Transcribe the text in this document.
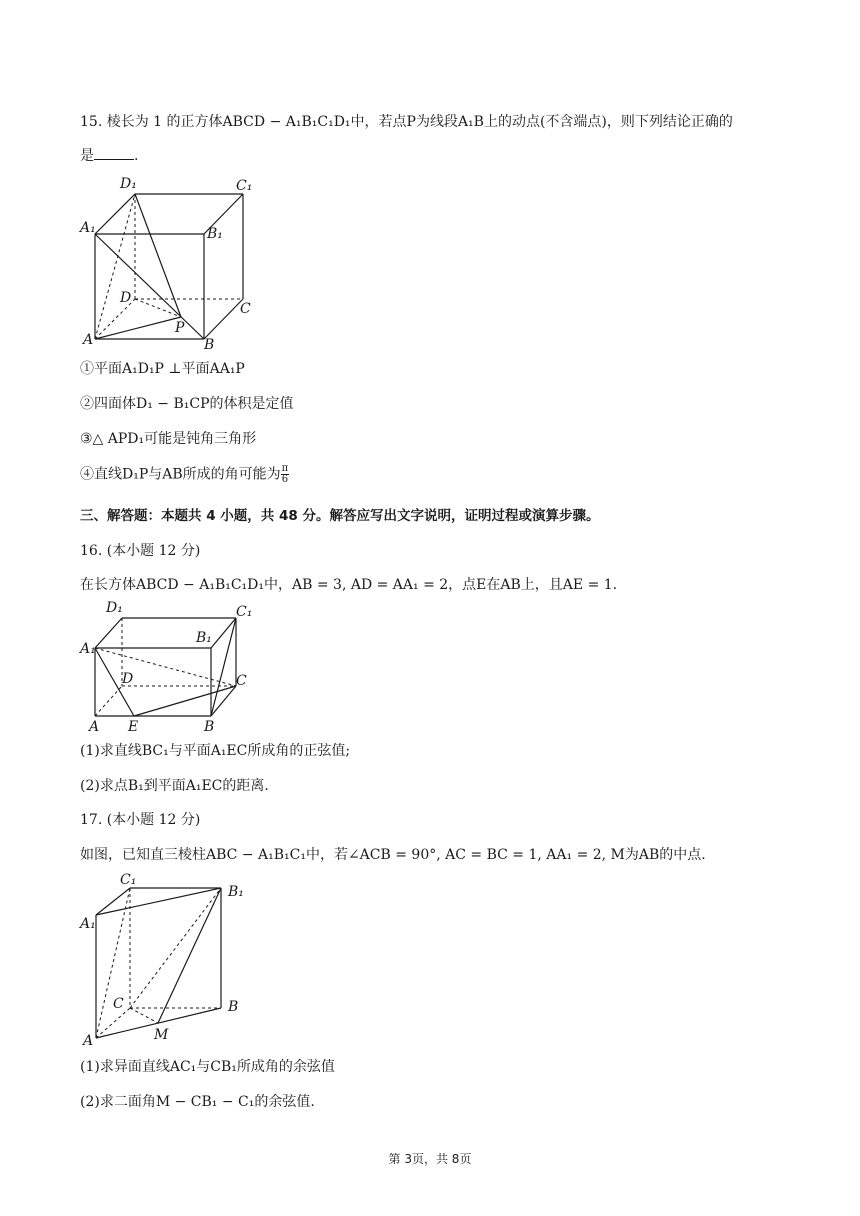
15. 棱长为 1 的正方体ABCD − A₁B₁C₁D₁中，若点P为线段A₁B上的动点(不含端点)，则下列结论正确的
是	.
D₁	C₁
A₁	B₁
D
C
A
P
B
①平面A₁D₁P ⊥平面AA₁P
②四面体D₁ − B₁CP的体积是定值
③△ APD₁可能是钝角三角形
④直线D₁P与AB所成的角可能为 $\frac{\pi}{6}$
三、解答题：本题共 4 小题，共 48 分。解答应写出文字说明，证明过程或演算步骤。
16. (本小题 12 分)
在长方体ABCD − A₁B₁C₁D₁中，AB = 3, AD = AA₁ = 2，点E在AB上，且AE = 1.
D₁	C₁
B₁
A₁
D	C
A E	B
(1)求直线BC₁与平面A₁EC所成角的正弦值;
(2)求点B₁到平面A₁EC的距离.
17. (本小题 12 分)
如图，已知直三棱柱ABC − A₁B₁C₁中，若∠ACB = 90°, AC = BC = 1, AA₁ = 2, M为AB的中点.
C₁
B₁
A₁
C	B
A	M
(1)求异面直线AC₁与CB₁所成角的余弦值
(2)求二面角M − CB₁ − C₁的余弦值.
第 3页，共 8页
